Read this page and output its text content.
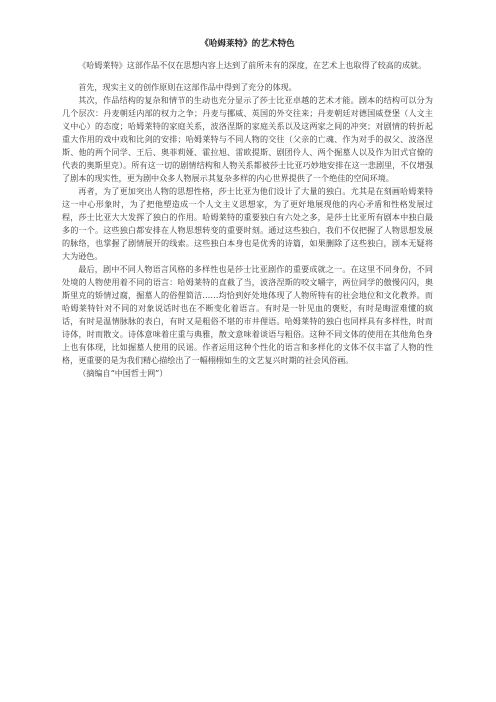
《哈姆莱特》的艺术特色

《哈姆莱特》这部作品不仅在思想内容上达到了前所未有的深度，在艺术上也取得了较高的成就。

首先，现实主义的创作原则在这部作品中得到了充分的体现。

其次，作品结构的复杂和情节的生动也充分显示了莎士比亚卓越的艺术才能。剧本的结构可以分为几个层次：丹麦朝廷内部的权力之争；丹麦与挪威、英国的外交往来；丹麦朝廷对德国威登堡（人文主义中心）的态度；哈姆莱特的家庭关系，波洛涅斯的家庭关系以及这两家之间的冲突；对剧情的转折起重大作用的戏中戏和比剑的安排；哈姆莱特与不同人物的交往（父亲的亡魂、作为对手的叔父、波洛涅斯、他的两个同学、王后、奥菲莉娅、霍拉旭、雷欧提斯、剧团伶人、两个掘墓人以及作为旧式官僚的代表的奥斯里克）。所有这一切的剧情结构和人物关系都被莎士比亚巧妙地安排在这一悲剧里，不仅增强了剧本的现实性，更为剧中众多人物展示其复杂多样的内心世界提供了一个绝佳的空间环境。

再者，为了更加突出人物的思想性格，莎士比亚为他们设计了大量的独白。尤其是在刻画哈姆莱特这一中心形象时，为了把他塑造成一个人文主义思想家，为了更好地展现他的内心矛盾和性格发展过程，莎士比亚大大发挥了独白的作用。哈姆莱特的重要独白有六处之多，是莎士比亚所有剧本中独白最多的一个。这些独白都安排在人物思想转变的重要时刻。通过这些独白，我们不仅把握了人物思想发展的脉络，也掌握了剧情展开的线索。这些独白本身也是优秀的诗篇，如果删除了这些独白，剧本无疑将大为逊色。

最后，剧中不同人物语言风格的多样性也是莎士比亚剧作的重要成就之一。在这里不同身份，不同处境的人物使用着不同的语言：哈姆莱特的直截了当，波洛涅斯的咬文嚼字，两位同学的傲慢闪闪，奥斯里克的矫情过腐，掘墓人的俗俚简洁……均恰到好处地体现了人物所特有的社会地位和文化教养。而哈姆莱特针对不同的对象说话时也在不断变化着语言。有时是一针见血的褒贬，有时是晦涩难懂的疯话，有时是温情脉脉的表白，有时又是粗俗不堪的市井俚语。哈姆莱特的独白也同样具有多样性，时而诗体，时而散文。诗体意味着庄重与典雅，散文意味着谈语与粗俗。这种不同文体的使用在其他角色身上也有体现，比如掘墓人使用的民谣。作者运用这种个性化的语言和多样化的文体不仅丰富了人物的性格，更重要的是为我们精心描绘出了一幅栩栩如生的文艺复兴时期的社会风俗画。

（摘编自“中国哲士网”）
